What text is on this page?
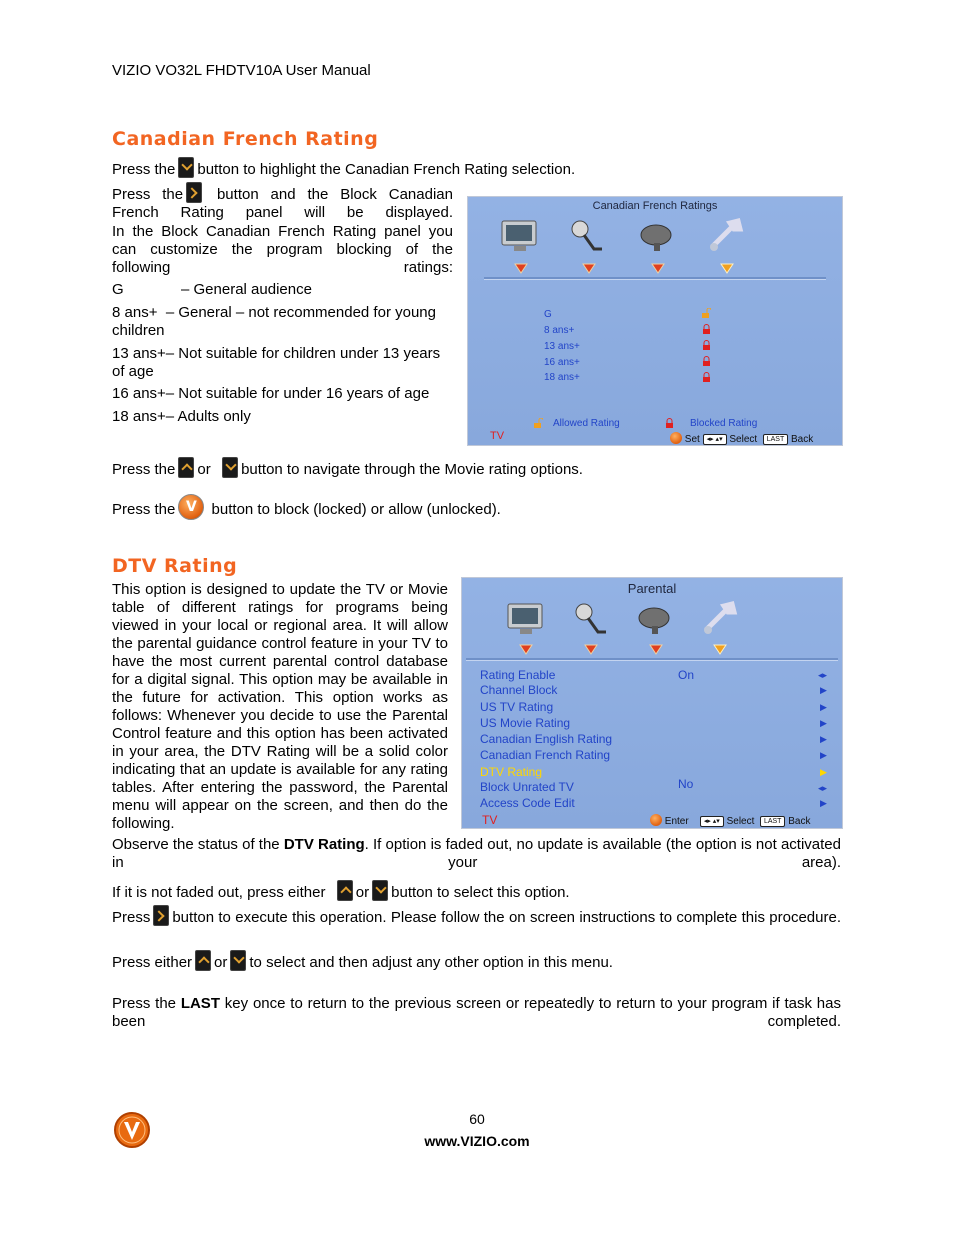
VIZIO VO32L FHDTV10A User Manual
Canadian French Rating
Press the button to highlight the Canadian French Rating selection.
Press the button and the Block Canadian French Rating panel will be displayed.
In the Block Canadian French Rating panel you can customize the program blocking of the following ratings:
G	– General audience
8 ans+ – General – not recommended for young children
13 ans+– Not suitable for children under 13 years of age
16 ans+– Not suitable for under 16 years of age
18 ans+– Adults only
Canadian French Ratings
G
8 ans+
13 ans+
16 ans+
18 ans+
Allowed Rating	Blocked Rating
TV	Set ◂▸ ▴▾ Select LAST Back
Press the or button to navigate through the Movie rating options.
Press theV button to block (locked) or allow (unlocked).
DTV Rating
This option is designed to update the TV or Movie table of different ratings for programs being viewed in your local or regional area. It will allow the parental guidance control feature in your TV to have the most current parental control database for a digital signal. This option may be available in the future for activation. This option works as follows: Whenever you decide to use the Parental Control feature and this option has been activated in your area, the DTV Rating will be a solid color indicating that an update is available for any rating tables. After entering the password, the Parental menu will appear on the screen, and then do the following.
Parental
Rating Enable	On	◂▸
Channel Block	▶
US TV Rating	▶
US Movie Rating	▶
Canadian English Rating	▶
Canadian French Rating	▶
DTV Rating	▶
Block Unrated TV	No	◂▸
Access Code Edit	▶
TV	Enter ◂▸ ▴▾ Select LAST Back
Observe the status of the DTV Rating. If option is faded out, no update is available (the option is not activated in your area).
If it is not faded out, press either or button to select this option.
Press button to execute this operation. Please follow the on screen instructions to complete this procedure.
Press either or to select and then adjust any other option in this menu.
Press the LAST key once to return to the previous screen or repeatedly to return to your program if task has been completed.
60
www.VIZIO.com
